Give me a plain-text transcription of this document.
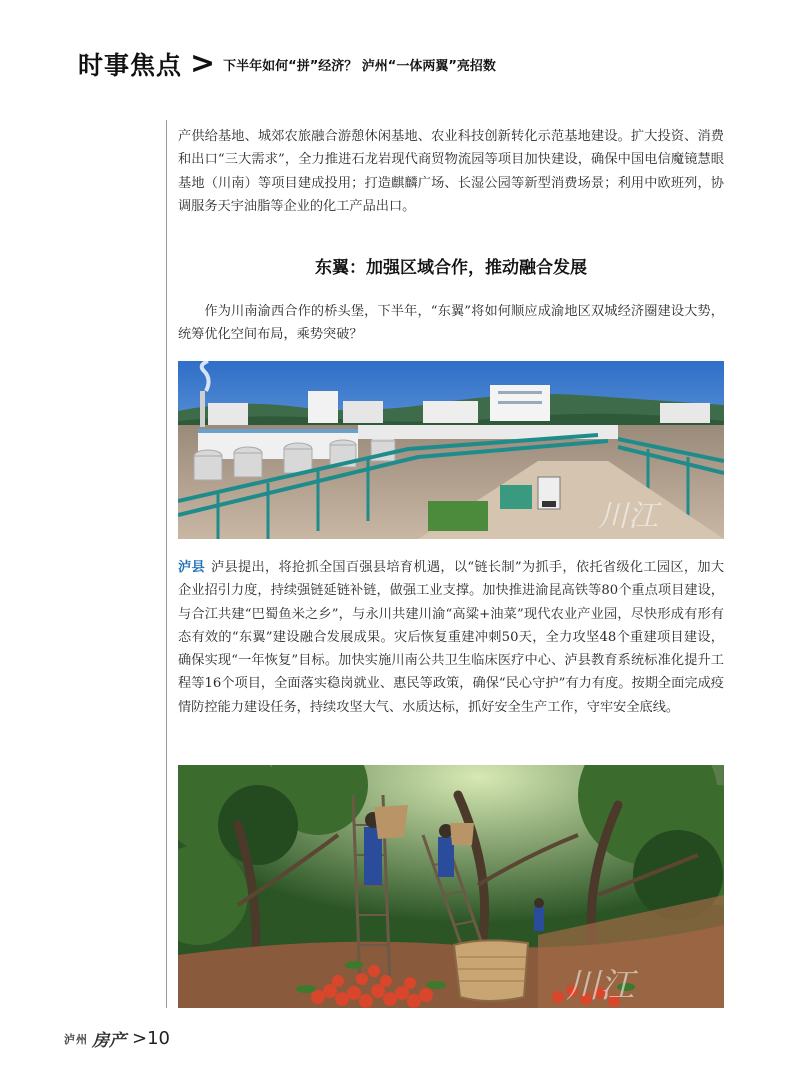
时事焦点 > 下半年如何“拼”经济？ 泸州“一体两翼”亮招数

产供给基地、城郊农旅融合游憩休闲基地、农业科技创新转化示范基地建设。扩大投资、消费和出口“三大需求”，全力推进石龙岩现代商贸物流园等项目加快建设，确保中国电信魔镜慧眼基地（川南）等项目建成投用；打造麒麟广场、长湿公园等新型消费场景；利用中欧班列，协调服务天宇油脂等企业的化工产品出口。

东翼：加强区域合作，推动融合发展

作为川南渝西合作的桥头堡，下半年，“东翼”将如何顺应成渝地区双城经济圈建设大势，统筹优化空间布局，乘势突破？

川江

泸县 泸县提出，将抢抓全国百强县培育机遇，以“链长制”为抓手，依托省级化工园区，加大企业招引力度，持续强链延链补链，做强工业支撑。加快推进渝昆高铁等80个重点项目建设，与合江共建“巴蜀鱼米之乡”，与永川共建川渝“高粱+油菜”现代农业产业园，尽快形成有形有态有效的“东翼”建设融合发展成果。灾后恢复重建冲刺50天，全力攻坚48个重建项目建设，确保实现“一年恢复”目标。加快实施川南公共卫生临床医疗中心、泸县教育系统标准化提升工程等16个项目，全面落实稳岗就业、惠民等政策，确保“民心守护”有力有度。按期全面完成疫情防控能力建设任务，持续攻坚大气、水质达标，抓好安全生产工作，守牢安全底线。

川江
泸州 房产 > 10
